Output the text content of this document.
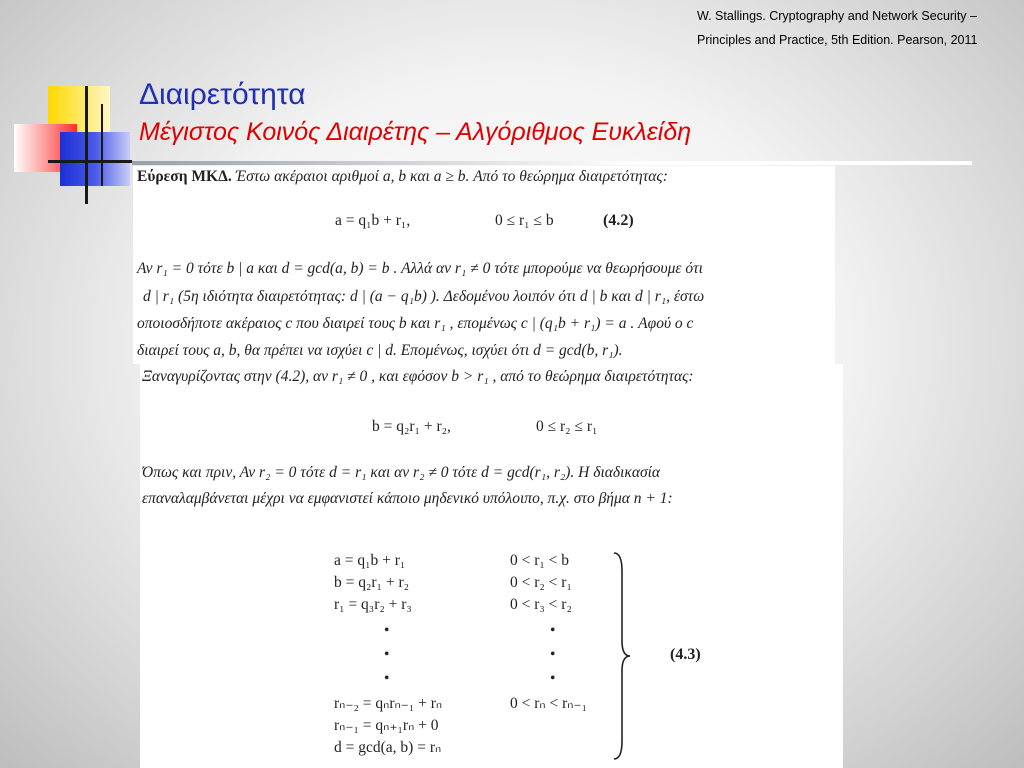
W. Stallings. Cryptography and Network Security –
Principles and Practice, 5th Edition. Pearson, 2011
Διαιρετότητα
Μέγιστος Κοινός Διαιρέτης – Αλγόριθμος Ευκλείδη
Εύρεση ΜΚΔ. Έστω ακέραιοι αριθμοί a, b και a ≥ b. Από το θεώρημα διαιρετότητας:
a = q₁b + r₁,	0 ≤ r₁ ≤ b	(4.2)
Αν r₁ = 0 τότε b | a και d = gcd(a, b) = b . Αλλά αν r₁ ≠ 0 τότε μπορούμε να θεωρήσουμε ότι
d | r₁ (5η ιδιότητα διαιρετότητας: d | (a − q₁b) ). Δεδομένου λοιπόν ότι d | b και d | r₁, έστω
οποιοσδήποτε ακέραιος c που διαιρεί τους b και r₁ , επομένως c | (q₁b + r₁) = a . Αφού ο c
διαιρεί τους a, b, θα πρέπει να ισχύει c | d. Επομένως, ισχύει ότι d = gcd(b, r₁).
Ξαναγυρίζοντας στην (4.2), αν r₁ ≠ 0 , και εφόσον b > r₁ , από το θεώρημα διαιρετότητας:
b = q₂r₁ + r₂,	0 ≤ r₂ ≤ r₁
Όπως και πριν, Αν r₂ = 0 τότε d = r₁ και αν r₂ ≠ 0 τότε d = gcd(r₁, r₂). Η διαδικασία
επαναλαμβάνεται μέχρι να εμφανιστεί κάποιο μηδενικό υπόλοιπο, π.χ. στο βήμα n + 1:
a = q₁b + r₁	0 < r₁ < b
b = q₂r₁ + r₂	0 < r₂ < r₁
r₁ = q₃r₂ + r₃	0 < r₃ < r₂
•	•
•	•
•	•
rₙ₋₂ = qₙrₙ₋₁ + rₙ	0 < rₙ < rₙ₋₁
rₙ₋₁ = qₙ₊₁rₙ + 0
d = gcd(a, b) = rₙ
(4.3)
